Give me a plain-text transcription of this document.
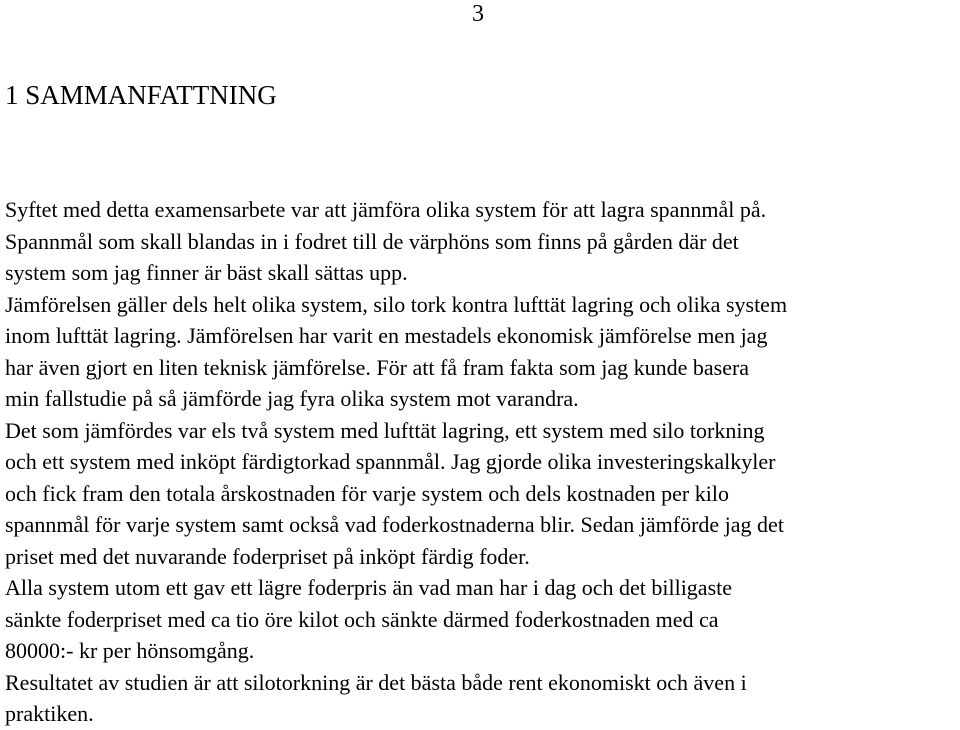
3
1 SAMMANFATTNING
Syftet med detta examensarbete var att jämföra olika system för att lagra spannmål på.
Spannmål som skall blandas in i fodret till de värphöns som finns på gården där det
system som jag finner är bäst skall sättas upp.
Jämförelsen gäller dels helt olika system, silo tork kontra lufttät lagring och olika system
inom lufttät lagring. Jämförelsen har varit en mestadels ekonomisk jämförelse men jag
har även gjort en liten teknisk jämförelse. För att få fram fakta som jag kunde basera
min fallstudie på så jämförde jag fyra olika system mot varandra.
Det som jämfördes var els två system med lufttät lagring, ett system med silo torkning
och ett system med inköpt färdigtorkad spannmål. Jag gjorde olika investeringskalkyler
och fick fram den totala årskostnaden för varje system och dels kostnaden per kilo
spannmål för varje system samt också vad foderkostnaderna blir. Sedan jämförde jag det
priset med det nuvarande foderpriset på inköpt färdig foder.
Alla system utom ett gav ett lägre foderpris än vad man har i dag och det billigaste
sänkte foderpriset med ca tio öre kilot och sänkte därmed foderkostnaden med ca
80000:- kr per hönsomgång.
Resultatet av studien är att silotorkning är det bästa både rent ekonomiskt och även i
praktiken.
